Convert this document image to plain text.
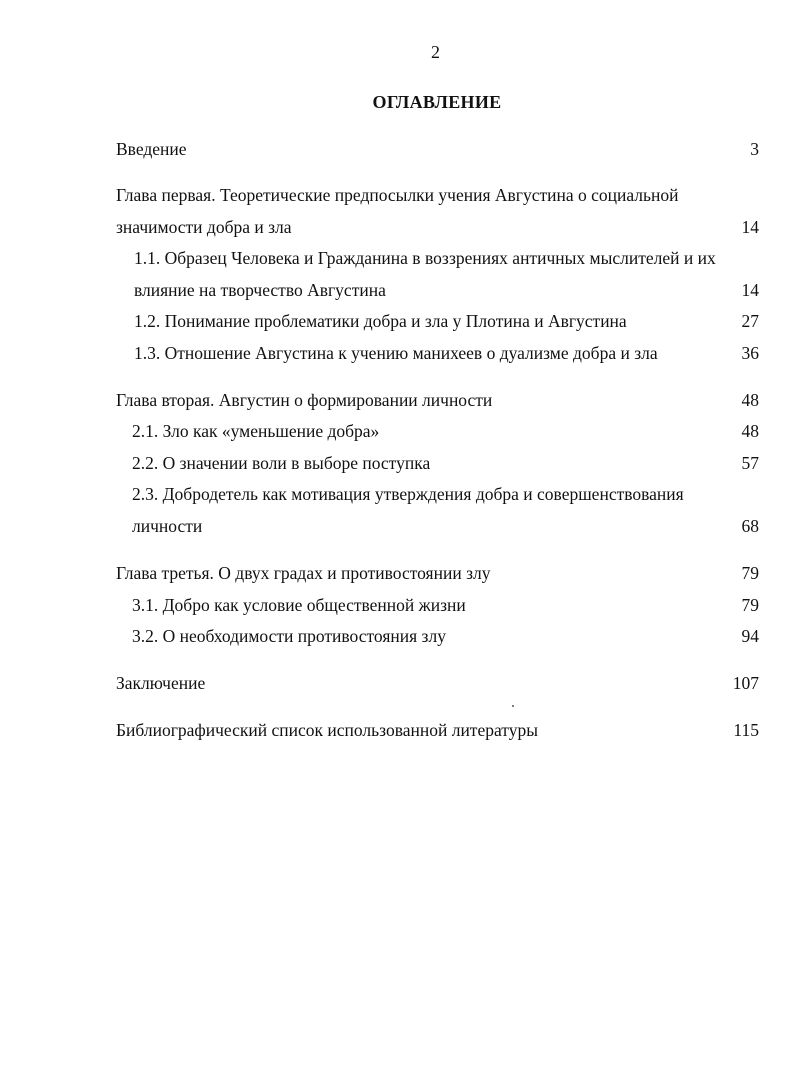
2
ОГЛАВЛЕНИЕ
Введение	3
Глава первая. Теоретические предпосылки учения Августина о социальной
значимости добра и зла	14
1.1. Образец Человека и Гражданина в воззрениях античных мыслителей и их
влияние на творчество Августина	14
1.2. Понимание проблематики добра и зла у Плотина и Августина	27
1.3. Отношение Августина к учению манихеев о дуализме добра и зла	36
Глава вторая. Августин о формировании личности	48
2.1. Зло как «уменьшение добра»	48
2.2. О значении воли в выборе поступка	57
2.3. Добродетель как мотивация утверждения добра и совершенствования
личности	68
Глава третья. О двух градах и противостоянии злу	79
3.1. Добро как условие общественной жизни	79
3.2. О необходимости противостояния злу	94
Заключение	107
Библиографический список использованной литературы	115
